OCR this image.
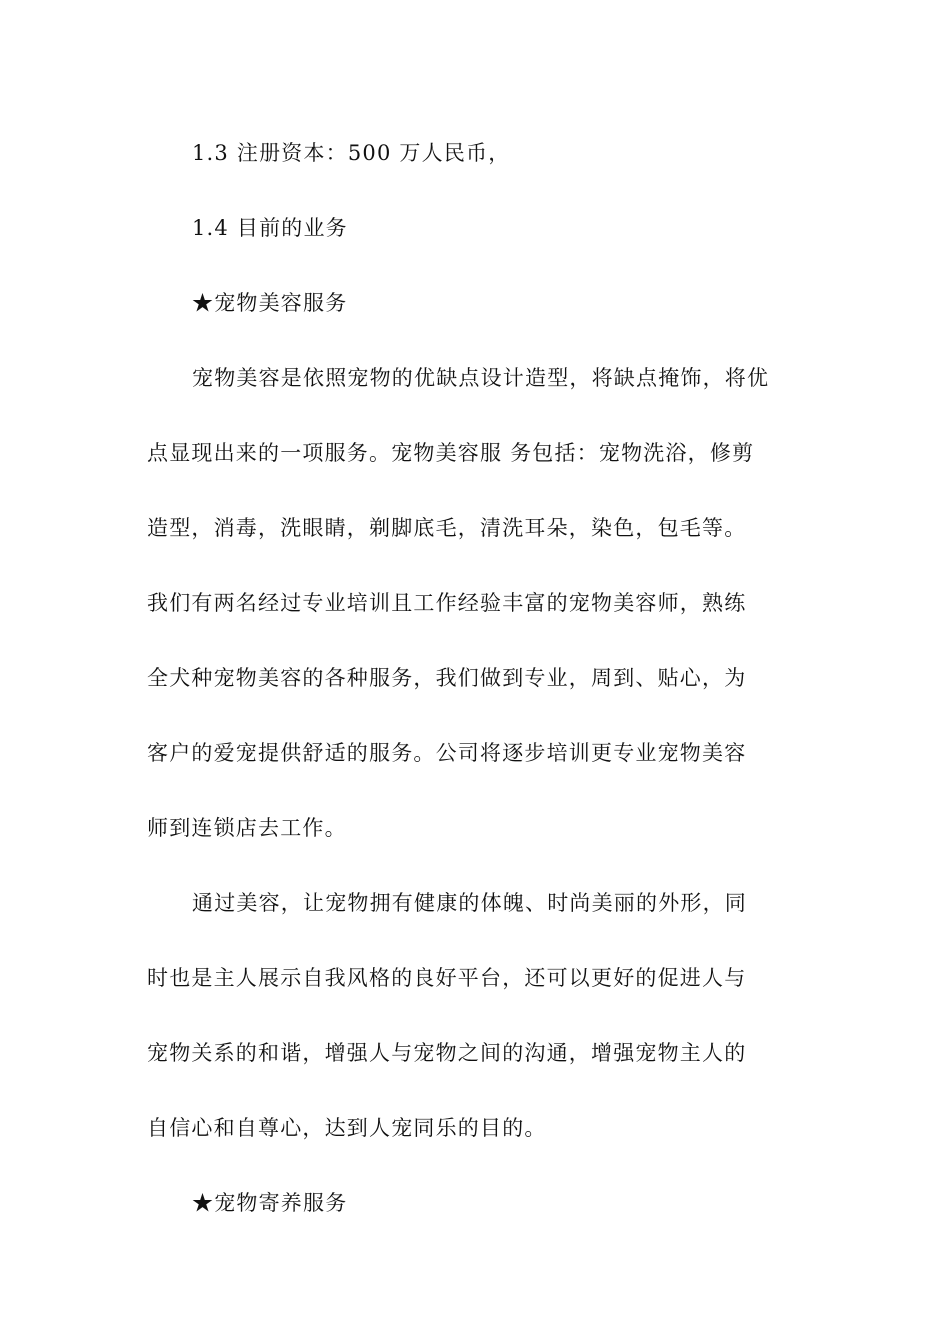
1.3 注册资本：500 万人民币，
1.4 目前的业务
★宠物美容服务
宠物美容是依照宠物的优缺点设计造型，将缺点掩饰，将优
点显现出来的一项服务。宠物美容服 务包括：宠物洗浴，修剪
造型，消毒，洗眼睛，剃脚底毛，清洗耳朵，染色，包毛等。
我们有两名经过专业培训且工作经验丰富的宠物美容师，熟练
全犬种宠物美容的各种服务，我们做到专业，周到、贴心，为
客户的爱宠提供舒适的服务。公司将逐步培训更专业宠物美容
师到连锁店去工作。
通过美容，让宠物拥有健康的体魄、时尚美丽的外形，同
时也是主人展示自我风格的良好平台，还可以更好的促进人与
宠物关系的和谐，增强人与宠物之间的沟通，增强宠物主人的
自信心和自尊心，达到人宠同乐的目的。
★宠物寄养服务
